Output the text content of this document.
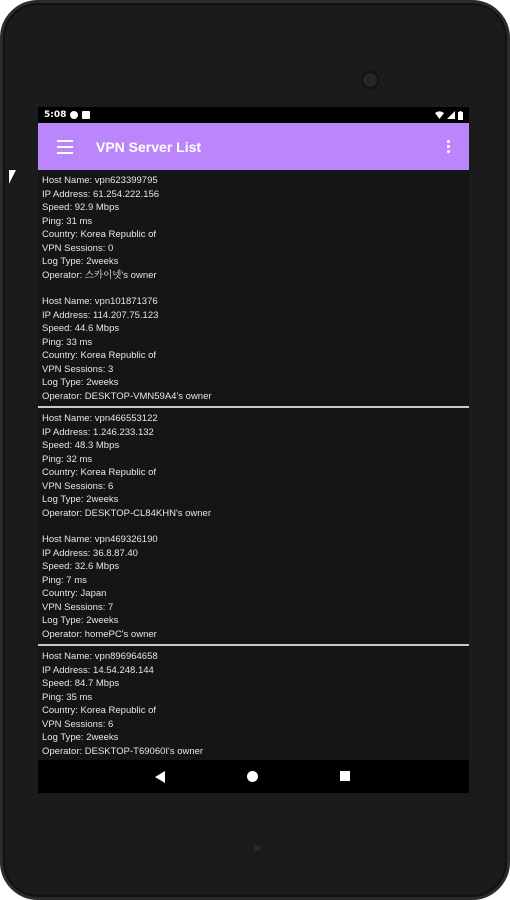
5:08
VPN Server List
Host Name: vpn623399795
IP Address: 61.254.222.156
Speed: 92.9 Mbps
Ping: 31 ms
Country: Korea Republic of
VPN Sessions: 0
Log Type: 2weeks
Operator: 스카이넷's owner
Host Name: vpn101871376
IP Address: 114.207.75.123
Speed: 44.6 Mbps
Ping: 33 ms
Country: Korea Republic of
VPN Sessions: 3
Log Type: 2weeks
Operator: DESKTOP-VMN59A4's owner
Host Name: vpn466553122
IP Address: 1.246.233.132
Speed: 48.3 Mbps
Ping: 32 ms
Country: Korea Republic of
VPN Sessions: 6
Log Type: 2weeks
Operator: DESKTOP-CL84KHN's owner
Host Name: vpn469326190
IP Address: 36.8.87.40
Speed: 32.6 Mbps
Ping: 7 ms
Country: Japan
VPN Sessions: 7
Log Type: 2weeks
Operator: homePC's owner
Host Name: vpn896964658
IP Address: 14.54.248.144
Speed: 84.7 Mbps
Ping: 35 ms
Country: Korea Republic of
VPN Sessions: 6
Log Type: 2weeks
Operator: DESKTOP-T69060I's owner
